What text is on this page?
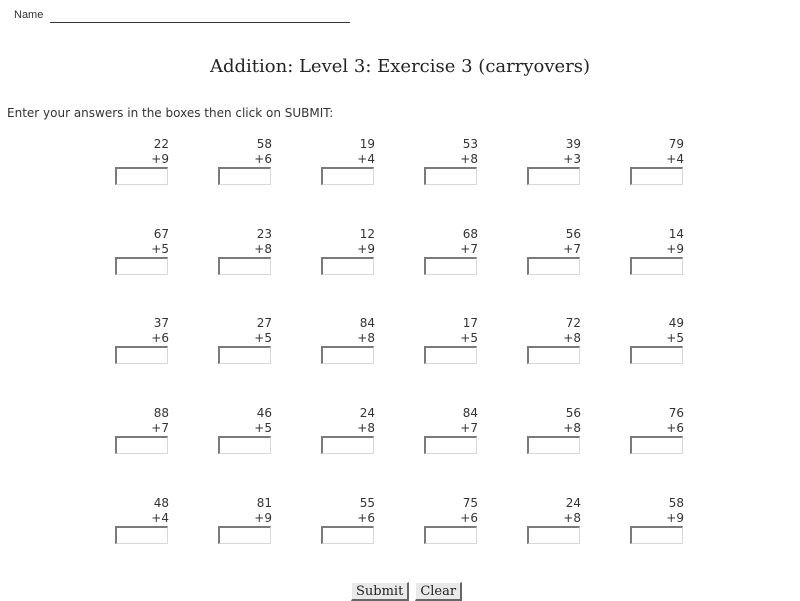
Name
Addition: Level 3: Exercise 3 (carryovers)
Enter your answers in the boxes then click on SUBMIT:
22
+9
58
+6
19
+4
53
+8
39
+3
79
+4
67
+5
23
+8
12
+9
68
+7
56
+7
14
+9
37
+6
27
+5
84
+8
17
+5
72
+8
49
+5
88
+7
46
+5
24
+8
84
+7
56
+8
76
+6
48
+4
81
+9
55
+6
75
+6
24
+8
58
+9
Submit Clear
